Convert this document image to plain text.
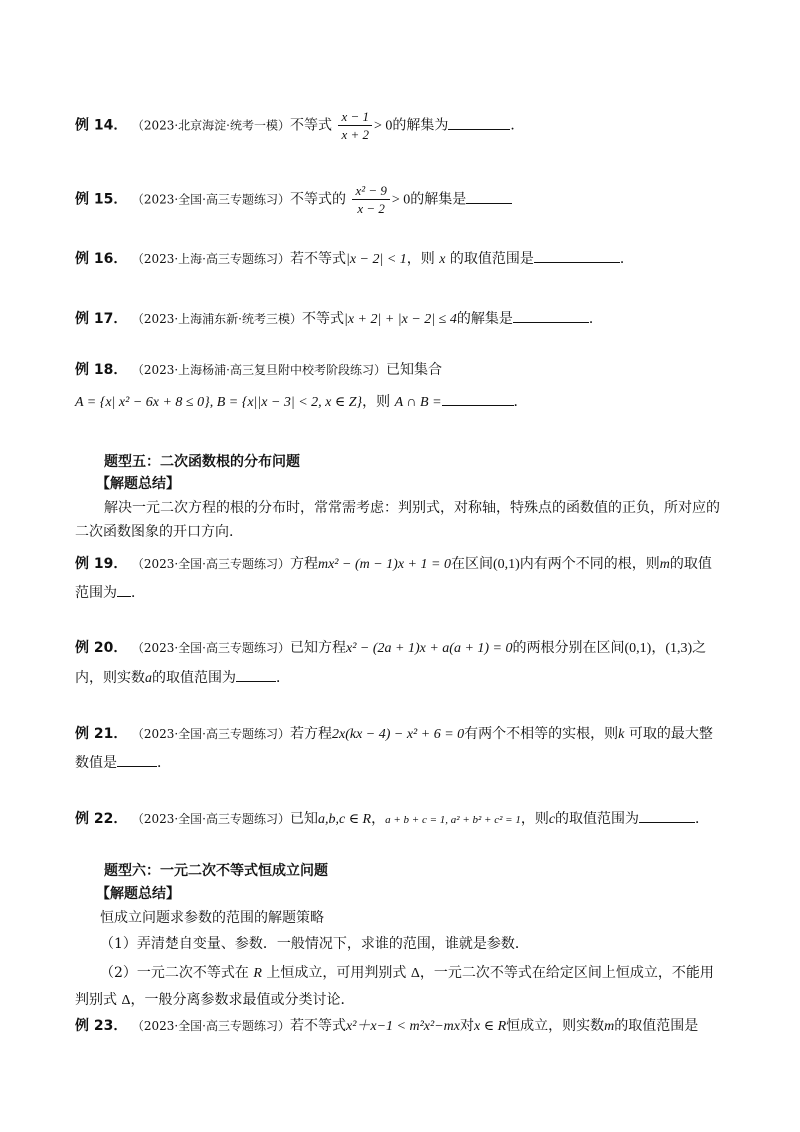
例 14． （2023·北京海淀·统考一模）不等式 $\frac{x - 1}{x + 2} > 0$的解集为	．
例 15． （2023·全国·高三专题练习）不等式的 $\frac{\text{x² − 9}}{x - 2} > 0$的解集是
例 16． （2023·上海·高三专题练习）若不等式|x − 2| < 1，则 x 的取值范围是	．
例 17． （2023·上海浦东新·统考三模）不等式|x + 2| + |x − 2| ≤ 4的解集是	．
例 18． （2023·上海杨浦·高三复旦附中校考阶段练习）已知集合
A = {x| x² − 6x + 8 ≤ 0}, B = {x||x − 3| < 2, x ∈ Z}，则 A ∩ B =	．
题型五：二次函数根的分布问题
【解题总结】
解决一元二次方程的根的分布时，常常需考虑：判别式，对称轴，特殊点的函数值的正负，所对应的
二次函数图象的开口方向.
例 19． （2023·全国·高三专题练习）方程mx² − (m − 1)x + 1 = 0在区间(0,1)内有两个不同的根，则m的取值
范围为 ．
例 20． （2023·全国·高三专题练习）已知方程x² − (2a + 1)x + a(a + 1) = 0的两根分别在区间(0,1)，(1,3)之
内，则实数a的取值范围为	．
例 21． （2023·全国·高三专题练习）若方程2x(kx − 4) − x² + 6 = 0有两个不相等的实根，则k 可取的最大整
数值是	．
例 22． （2023·全国·高三专题练习）已知a,b,c ∈ R，a + b + c = 1, a² + b² + c² = 1，则c的取值范围为	．
题型六：一元二次不等式恒成立问题
【解题总结】
恒成立问题求参数的范围的解题策略
（1）弄清楚自变量、参数．一般情况下，求谁的范围，谁就是参数．
（2）一元二次不等式在 R 上恒成立，可用判别式 Δ，一元二次不等式在给定区间上恒成立，不能用
判别式 Δ，一般分离参数求最值或分类讨论．
例 23． （2023·全国·高三专题练习）若不等式x²＋x−1 < m²x²−mx对x ∈ R恒成立，则实数m的取值范围是
